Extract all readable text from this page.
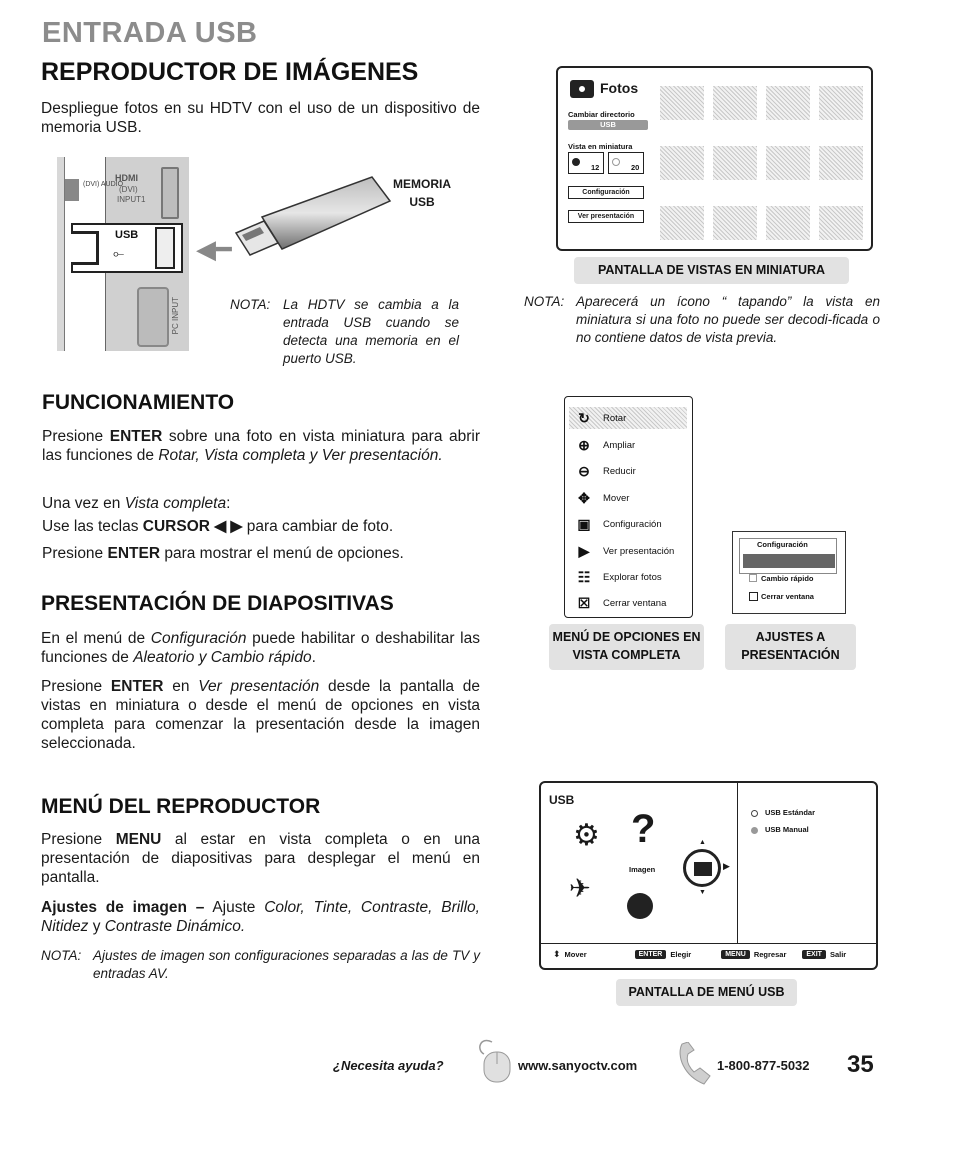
ENTRADA USB
REPRODUCTOR DE IMÁGENES
Despliegue fotos en su HDTV con el uso de un dispositivo de memoria USB.
(DVI) AUDIO
HDMI
(DVI)
INPUT1
USB
⟜
PC INPUT
◀━
MEMORIA
USB
NOTA: La HDTV se cambia a la entrada USB cuando se detecta una memoria en el puerto USB.
Fotos
Cambiar directorio
USB
Vista en miniatura
12	20
Configuración
Ver presentación
PANTALLA DE VISTAS EN MINIATURA
NOTA: Aparecerá un ícono “ tapando” la vista en miniatura si una foto no puede ser decodi-ficada o no contiene datos de vista previa.
FUNCIONAMIENTO
Presione ENTER sobre una foto en vista miniatura para abrir las funciones de Rotar, Vista completa y Ver presentación.
Una vez en Vista completa:
Use las teclas CURSOR ◀ ▶ para cambiar de foto.
Presione ENTER para mostrar el menú de opciones.
↻	Rotar
⊕	Ampliar
⊖	Reducir
✥	Mover
▣	Configuración
▶	Ver presentación
☷	Explorar fotos
☒	Cerrar ventana
MENÚ DE OPCIONES EN VISTA COMPLETA
Configuración
Cambio rápido
Cerrar ventana
AJUSTES A PRESENTACIÓN
PRESENTACIÓN DE DIAPOSITIVAS
En el menú de Configuración puede habilitar o deshabilitar las funciones de Aleatorio y Cambio rápido.
Presione ENTER en Ver presentación desde la pantalla de vistas en miniatura o desde el menú de opciones en vista completa para comenzar la presentación desde la imagen seleccionada.
MENÚ DEL REPRODUCTOR
Presione MENU al estar en vista completa o en una presentación de diapositivas para desplegar el menú en pantalla.
Ajustes de imagen – Ajuste Color, Tinte, Contraste, Brillo, Nitidez y Contraste Dinámico.
NOTA: Ajustes de imagen son configuraciones separadas a las de TV y entradas AV.
USB
⚙ ?
Imagen	▶
▲
▼
✈
USB Estándar
USB Manual
⬍ Mover	ENTER	Elegir	MENU	Regresar	EXIT	Salir
PANTALLA DE MENÚ USB
¿Necesita ayuda?	www.sanyoctv.com	1-800-877-5032 35
